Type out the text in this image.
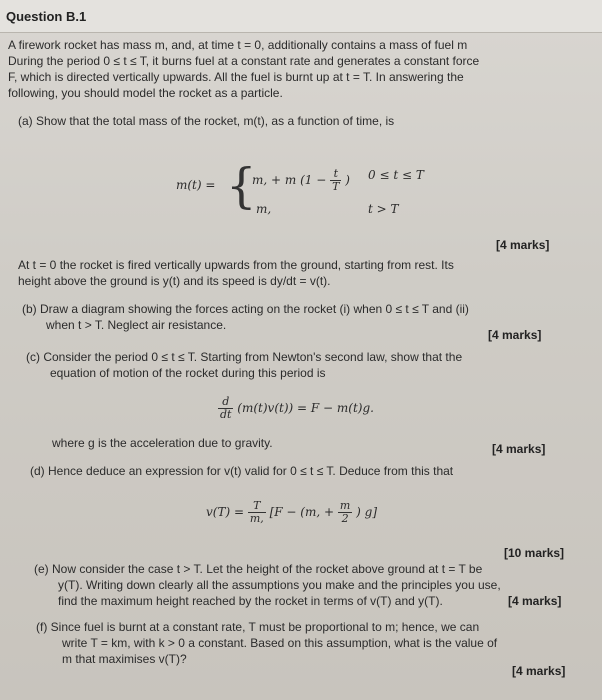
Question B.1
A firework rocket has mass m, and, at time t = 0, additionally contains a mass of fuel m
During the period 0 ≤ t ≤ T, it burns fuel at a constant rate and generates a constant force
F, which is directed vertically upwards. All the fuel is burnt up at t = T. In answering the
following, you should model the rocket as a particle.
(a) Show that the total mass of the rocket, m(t), as a function of time, is
m(t) = {
m, + m ($1 - \frac{t}{T}$ ) 0 ≤ t ≤ T
m,	t > T
[4 marks]
At t = 0 the rocket is fired vertically upwards from the ground, starting from rest. Its
height above the ground is y(t) and its speed is dy/dt = v(t).
(b) Draw a diagram showing the forces acting on the rocket (i) when 0 ≤ t ≤ T and (ii)
when t > T. Neglect air resistance.
[4 marks]
(c) Consider the period 0 ≤ t ≤ T. Starting from Newton's second law, show that the
equation of motion of the rocket during this period is
$\frac{d}{dt} (m(t)v(t)) = F - m(t)g$.
where g is the acceleration due to gravity.	[4 marks]
(d) Hence deduce an expression for v(t) valid for 0 ≤ t ≤ T. Deduce from this that
$v(T) = \frac{T}{m,} [F - (m$, + $\frac{m}{2}$ ) g]
[10 marks]
(e) Now consider the case t > T. Let the height of the rocket above ground at t = T be
y(T). Writing down clearly all the assumptions you make and the principles you use,
find the maximum height reached by the rocket in terms of v(T) and y(T).	[4 marks]
(f) Since fuel is burnt at a constant rate, T must be proportional to m; hence, we can
write T = km, with k > 0 a constant. Based on this assumption, what is the value of
m that maximises v(T)?
[4 marks]
